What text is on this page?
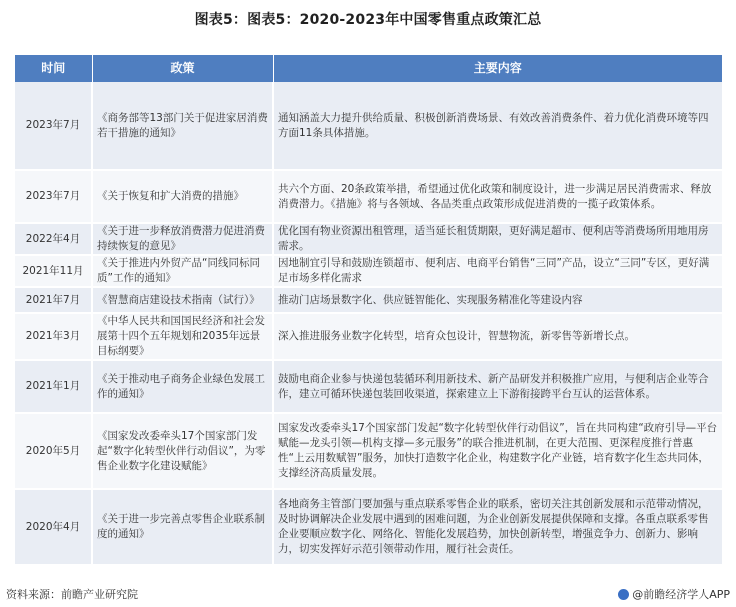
图表5：图表5：2020-2023年中国零售重点政策汇总
时间	政策	主要内容
2023年7月	《商务部等13部门关于促进家居消费若干措施的通知》	通知涵盖大力提升供给质量、积极创新消费场景、有效改善消费条件、着力优化消费环境等四方面11条具体措施。
2023年7月	《关于恢复和扩大消费的措施》	共六个方面、20条政策举措，希望通过优化政策和制度设计，进一步满足居民消费需求、释放消费潜力。《措施》将与各领域、各品类重点政策形成促进消费的一揽子政策体系。
2022年4月	《关于进一步释放消费潜力促进消费持续恢复的意见》	优化国有物业资源出租管理，适当延长租赁期限，更好满足超市、便利店等消费场所用地用房需求。
2021年11月	《关于推进内外贸产品“同线同标同质”工作的通知》	因地制宜引导和鼓励连锁超市、便利店、电商平台销售“三同”产品，设立“三同”专区，更好满足市场多样化需求
2021年7月	《智慧商店建设技术指南（试行）》	推动门店场景数字化、供应链智能化、实现服务精准化等建设内容
2021年3月	《中华人民共和国国民经济和社会发展第十四个五年规划和2035年远景目标纲要》	深入推进服务业数字化转型，培育众包设计，智慧物流，新零售等新增长点。
2021年1月	《关于推动电子商务企业绿色发展工作的通知》	鼓励电商企业参与快递包装循环利用新技术、新产品研发并积极推广应用，与便利店企业等合作，建立可循环快递包装回收渠道，探索建立上下游衔接跨平台互认的运营体系。
2020年5月	《国家发改委牵头17个国家部门发起“数字化转型伙伴行动倡议”，为零售企业数字化建设赋能》	国家发改委牵头17个国家部门发起“数字化转型伙伴行动倡议”，旨在共同构建“政府引导—平台赋能—龙头引领—机构支撑—多元服务”的联合推进机制，在更大范围、更深程度推行普惠性“上云用数赋智”服务，加快打造数字化企业，构建数字化产业链，培育数字化生态共同体，支撑经济高质量发展。
2020年4月	《关于进一步完善点零售企业联系制度的通知》	各地商务主管部门要加强与重点联系零售企业的联系，密切关注其创新发展和示范带动情况，及时协调解决企业发展中遇到的困难问题，为企业创新发展提供保障和支撑。各重点联系零售企业要顺应数字化、网络化、智能化发展趋势，加快创新转型，增强竞争力、创新力、影响力，切实发挥好示范引领带动作用，履行社会责任。
资料来源：前瞻产业研究院	@前瞻经济学人APP
